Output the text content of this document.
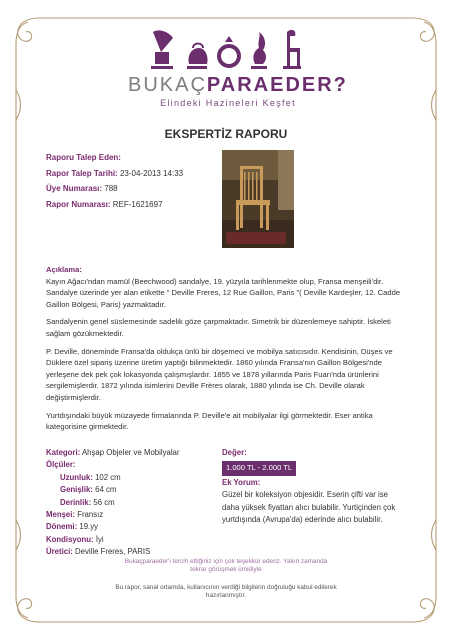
BUKAÇPARAEDER?
Elindeki Hazineleri Keşfet
EKSPERTİZ RAPORU
Raporu Talep Eden:
Rapor Talep Tarihi: 23-04-2013 14:33
Üye Numarası: 788
Rapor Numarası: REF-1621697
Açıklama:

Kayın Ağacı'ndan mamül (Beechwood) sandalye, 19. yüzyıla tarihlenmekte olup, Fransa menşeili'dir. Sandalye üzerinde yer alan etikette " Deville Freres, 12 Rue Gaillon, Paris "( Deville Kardeşler, 12. Cadde Gaillon Bölgesi, Paris) yazmaktadır.

Sandalyenin genel süslemesinde sadelik göze çarpmaktadır. Simetrik bir düzenlemeye sahiptir. İskeleti sağlam gözükmektedir.

P. Deville, döneminde Fransa'da oldukça ünlü bir döşemeci ve mobilya satıcısıdır. Kendisinin, Düşes ve Düklere özel sipariş üzerine üretim yaptığı bilinmektedir. 1860 yılında Fransa'nın Gaillon Bölgesi'nde yerleşene dek pek çok lokasyonda çalışmışlardır. 1855 ve 1878 yıllarında Paris Fuarı'nda ürünlerini sergilemişlerdir. 1872 yılında isimlerini Deville Frères olarak, 1880 yılında ise Ch. Deville olarak değiştirmişlerdir.

Yurtdışındaki büyük müzayede firmalarında P. Deville'e ait mobilyalar ilgi görmektedir. Eser antika kategorisine girmektedir.

Kategori: Ahşap Objeler ve Mobilyalar
Ölçüler:
Uzunluk: 102 cm
Genişlik: 64 cm
Derinlik: 56 cm
Menşei: Fransız
Dönemi: 19.yy
Kondisyonu: İyi
Üretici: Deville Freres, PARIS
Değer:
1.000 TL - 2.000 TL
Ek Yorum:
Güzel bir koleksiyon objesidir. Eserin çifti var ise daha yüksek fiyattan alıcı bulabilir. Yurtiçinden çok yurtdışında (Avrupa'da) ederinde alıcı bulabilir.
Bukaçparaeder'i tercih ettiğiniz için çok teşekkür ederiz. Yakın zamanda tekrar görüşmek ümidiyle
Bu rapor, sanal ortamda, kullanıcının verdiği bilgilerin doğruluğu kabul edilerek hazırlanmıştır.
